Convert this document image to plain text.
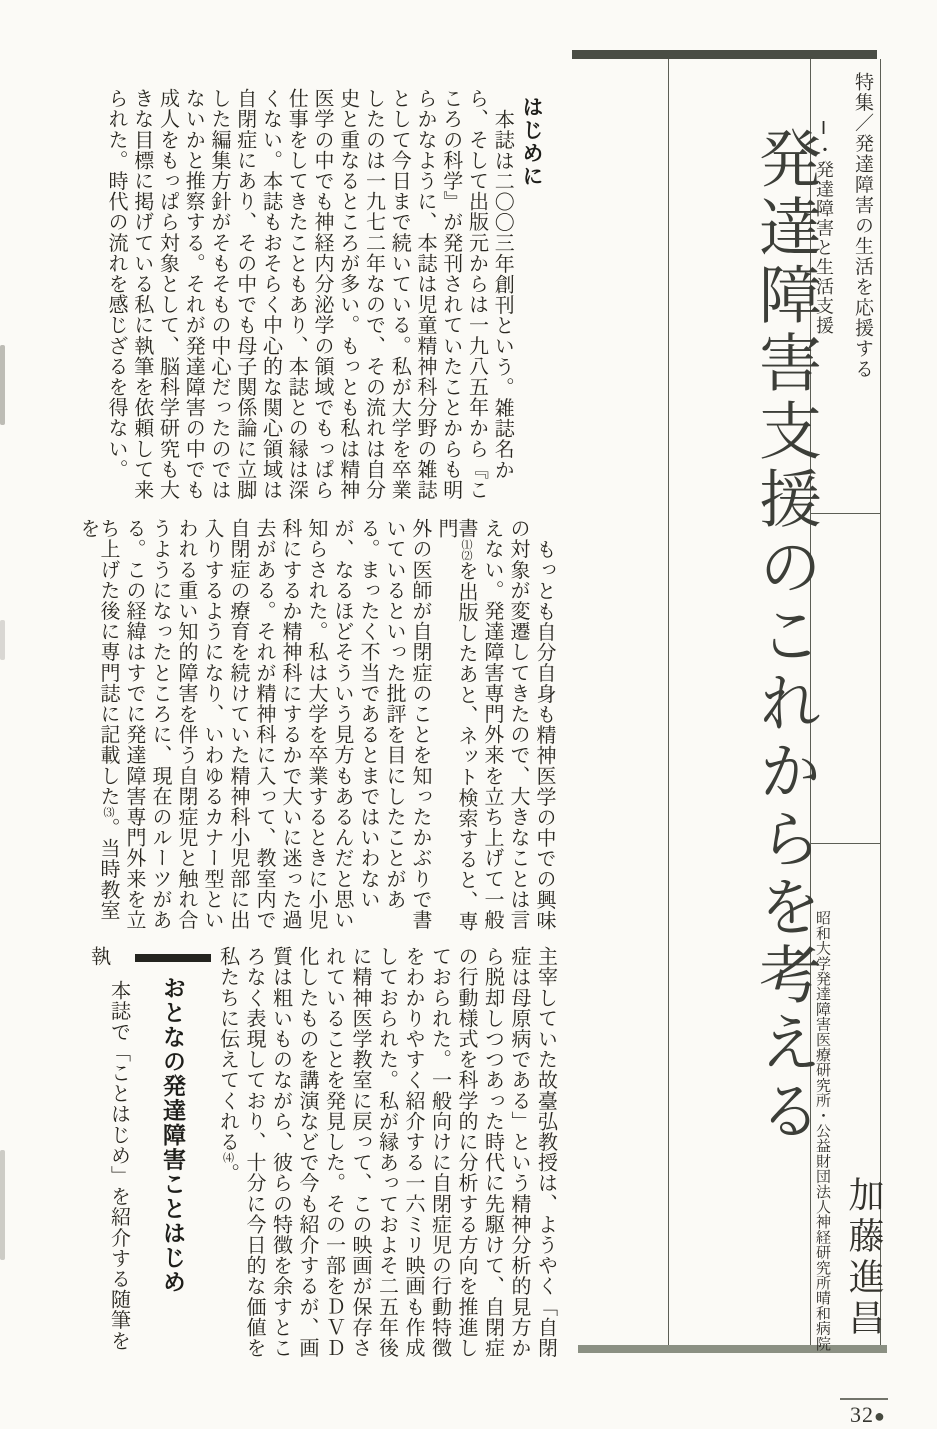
特集／発達障害の生活を応援する
Ⅰ・発達障害と生活支援
発達障害支援のこれからを考える
昭和大学発達障害医療研究所・公益財団法人神経研究所晴和病院 加藤進昌
はじめに

本誌は二〇〇三年創刊という。雑誌名か

ら、そして出版元からは一九八五年から『こ

ころの科学』が発刊されていたことからも明

らかなように、本誌は児童精神科分野の雑誌

として今日まで続いている。私が大学を卒業

したのは一九七二年なので、その流れは自分

史と重なるところが多い。もっとも私は精神

医学の中でも神経内分泌学の領域でもっぱら

仕事をしてきたこともあり、本誌との縁は深

くない。本誌もおそらく中心的な関心領域は

自閉症にあり、その中でも母子関係論に立脚

した編集方針がそもそもの中心だったのでは

ないかと推察する。それが発達障害の中でも

成人をもっぱら対象として、脳科学研究も大

きな目標に掲げている私に執筆を依頼して来

られた。時代の流れを感じざるを得ない。

もっとも自分自身も精神医学の中での興味

の対象が変遷してきたので、大きなことは言

えない。発達障害専門外来を立ち上げて一般

書⑴⑵を出版したあと、ネット検索すると、専門

外の医師が自閉症のことを知ったかぶりで書

いているといった批評を目にしたことがあ

る。まったく不当であるとまではいわない

が、なるほどそういう見方もあるんだと思い

知らされた。私は大学を卒業するときに小児

科にするか精神科にするかで大いに迷った過

去がある。それが精神科に入って、教室内で

自閉症の療育を続けていた精神科小児部に出

入りするようになり、いわゆるカナー型とい

われる重い知的障害を伴う自閉症児と触れ合

うようになったところに、現在のルーツがあ

る。この経緯はすでに発達障害専門外来を立

ち上げた後に専門誌に記載した⑶。当時教室を

主宰していた故臺弘教授は、ようやく「自閉

症は母原病である」という精神分析的見方か

ら脱却しつつあった時代に先駆けて、自閉症

の行動様式を科学的に分析する方向を推進し

ておられた。一般向けに自閉症児の行動特徴

をわかりやすく紹介する一六ミリ映画も作成

しておられた。私が縁あっておよそ二五年後

に精神医学教室に戻って、この映画が保存さ

れていることを発見した。その一部をＤＶＤ

化したものを講演などで今も紹介するが、画

質は粗いものながら、彼らの特徴を余すとこ

ろなく表現しており、十分に今日的な価値を

私たちに伝えてくれる⑷。

おとなの発達障害ことはじめ

本誌で「ことはじめ」を紹介する随筆を執

32●
